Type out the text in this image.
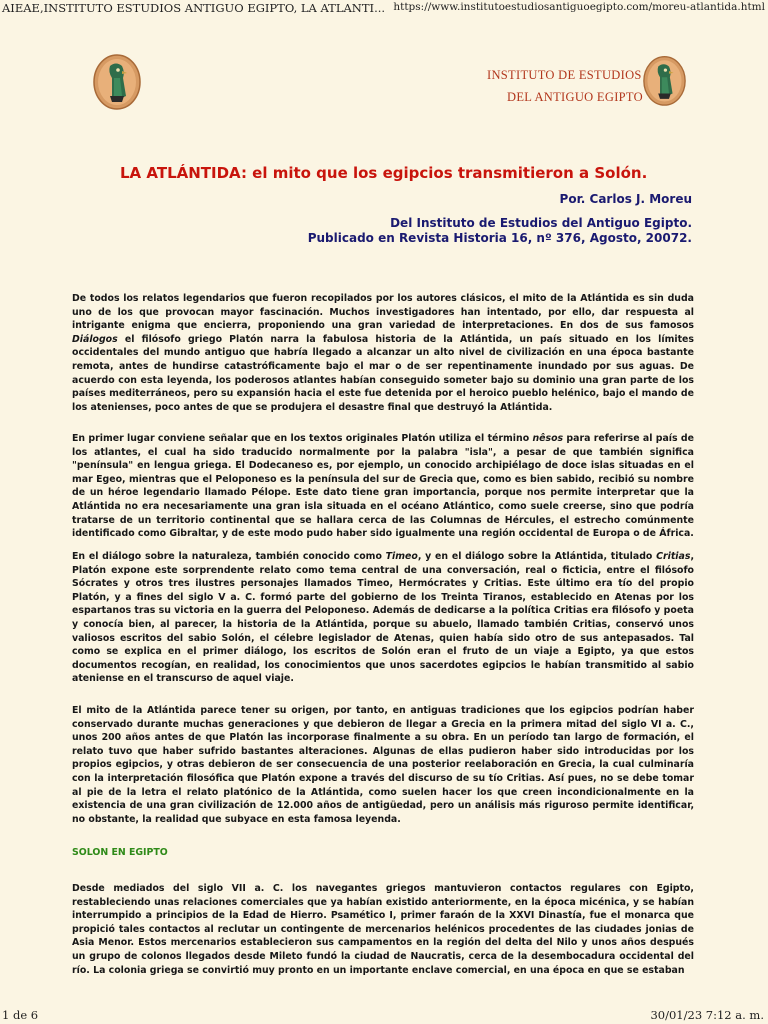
AIEAE,INSTITUTO ESTUDIOS ANTIGUO EGIPTO, LA ATLANTI... https://www.institutoestudiosantiguoegipto.com/moreu-atlantida.html
INSTITUTO DE ESTUDIOS
DEL ANTIGUO EGIPTO
LA ATLÁNTIDA: el mito que los egipcios transmitieron a Solón.
Por. Carlos J. Moreu
Del Instituto de Estudios del Antiguo Egipto.
Publicado en Revista Historia 16, nº 376, Agosto, 20072.
De todos los relatos legendarios que fueron recopilados por los autores clásicos, el mito de la Atlántida es sin duda uno de los que provocan mayor fascinación. Muchos investigadores han intentado, por ello, dar respuesta al intrigante enigma que encierra, proponiendo una gran variedad de interpretaciones. En dos de sus famosos Diálogos el filósofo griego Platón narra la fabulosa historia de la Atlántida, un país situado en los límites occidentales del mundo antiguo que habría llegado a alcanzar un alto nivel de civilización en una época bastante remota, antes de hundirse catastróficamente bajo el mar o de ser repentinamente inundado por sus aguas. De acuerdo con esta leyenda, los poderosos atlantes habían conseguido someter bajo su dominio una gran parte de los países mediterráneos, pero su expansión hacia el este fue detenida por el heroico pueblo helénico, bajo el mando de los atenienses, poco antes de que se produjera el desastre final que destruyó la Atlántida.
En primer lugar conviene señalar que en los textos originales Platón utiliza el término nêsos para referirse al país de los atlantes, el cual ha sido traducido normalmente por la palabra "isla", a pesar de que también significa "península" en lengua griega. El Dodecaneso es, por ejemplo, un conocido archipiélago de doce islas situadas en el mar Egeo, mientras que el Peloponeso es la península del sur de Grecia que, como es bien sabido, recibió su nombre de un héroe legendario llamado Pélope. Este dato tiene gran importancia, porque nos permite interpretar que la Atlántida no era necesariamente una gran isla situada en el océano Atlántico, como suele creerse, sino que podría tratarse de un territorio continental que se hallara cerca de las Columnas de Hércules, el estrecho comúnmente identificado como Gibraltar, y de este modo pudo haber sido igualmente una región occidental de Europa o de África.
En el diálogo sobre la naturaleza, también conocido como Timeo, y en el diálogo sobre la Atlántida, titulado Critias, Platón expone este sorprendente relato como tema central de una conversación, real o ficticia, entre el filósofo Sócrates y otros tres ilustres personajes llamados Timeo, Hermócrates y Critias. Este último era tío del propio Platón, y a fines del siglo V a. C. formó parte del gobierno de los Treinta Tiranos, establecido en Atenas por los espartanos tras su victoria en la guerra del Peloponeso. Además de dedicarse a la política Critias era filósofo y poeta y conocía bien, al parecer, la historia de la Atlántida, porque su abuelo, llamado también Critias, conservó unos valiosos escritos del sabio Solón, el célebre legislador de Atenas, quien había sido otro de sus antepasados. Tal como se explica en el primer diálogo, los escritos de Solón eran el fruto de un viaje a Egipto, ya que estos documentos recogían, en realidad, los conocimientos que unos sacerdotes egipcios le habían transmitido al sabio ateniense en el transcurso de aquel viaje.
El mito de la Atlántida parece tener su origen, por tanto, en antiguas tradiciones que los egipcios podrían haber conservado durante muchas generaciones y que debieron de llegar a Grecia en la primera mitad del siglo VI a. C., unos 200 años antes de que Platón las incorporase finalmente a su obra. En un período tan largo de formación, el relato tuvo que haber sufrido bastantes alteraciones. Algunas de ellas pudieron haber sido introducidas por los propios egipcios, y otras debieron de ser consecuencia de una posterior reelaboración en Grecia, la cual culminaría con la interpretación filosófica que Platón expone a través del discurso de su tío Critias. Así pues, no se debe tomar al pie de la letra el relato platónico de la Atlántida, como suelen hacer los que creen incondicionalmente en la existencia de una gran civilización de 12.000 años de antigüedad, pero un análisis más riguroso permite identificar, no obstante, la realidad que subyace en esta famosa leyenda.
SOLON EN EGIPTO
Desde mediados del siglo VII a. C. los navegantes griegos mantuvieron contactos regulares con Egipto, restableciendo unas relaciones comerciales que ya habían existido anteriormente, en la época micénica, y se habían interrumpido a principios de la Edad de Hierro. Psamético I, primer faraón de la XXVI Dinastía, fue el monarca que propició tales contactos al reclutar un contingente de mercenarios helénicos procedentes de las ciudades jonias de Asia Menor. Estos mercenarios establecieron sus campamentos en la región del delta del Nilo y unos años después un grupo de colonos llegados desde Mileto fundó la ciudad de Naucratis, cerca de la desembocadura occidental del río. La colonia griega se convirtió muy pronto en un importante enclave comercial, en una época en que se estaban
1 de 6	30/01/23 7:12 a. m.
